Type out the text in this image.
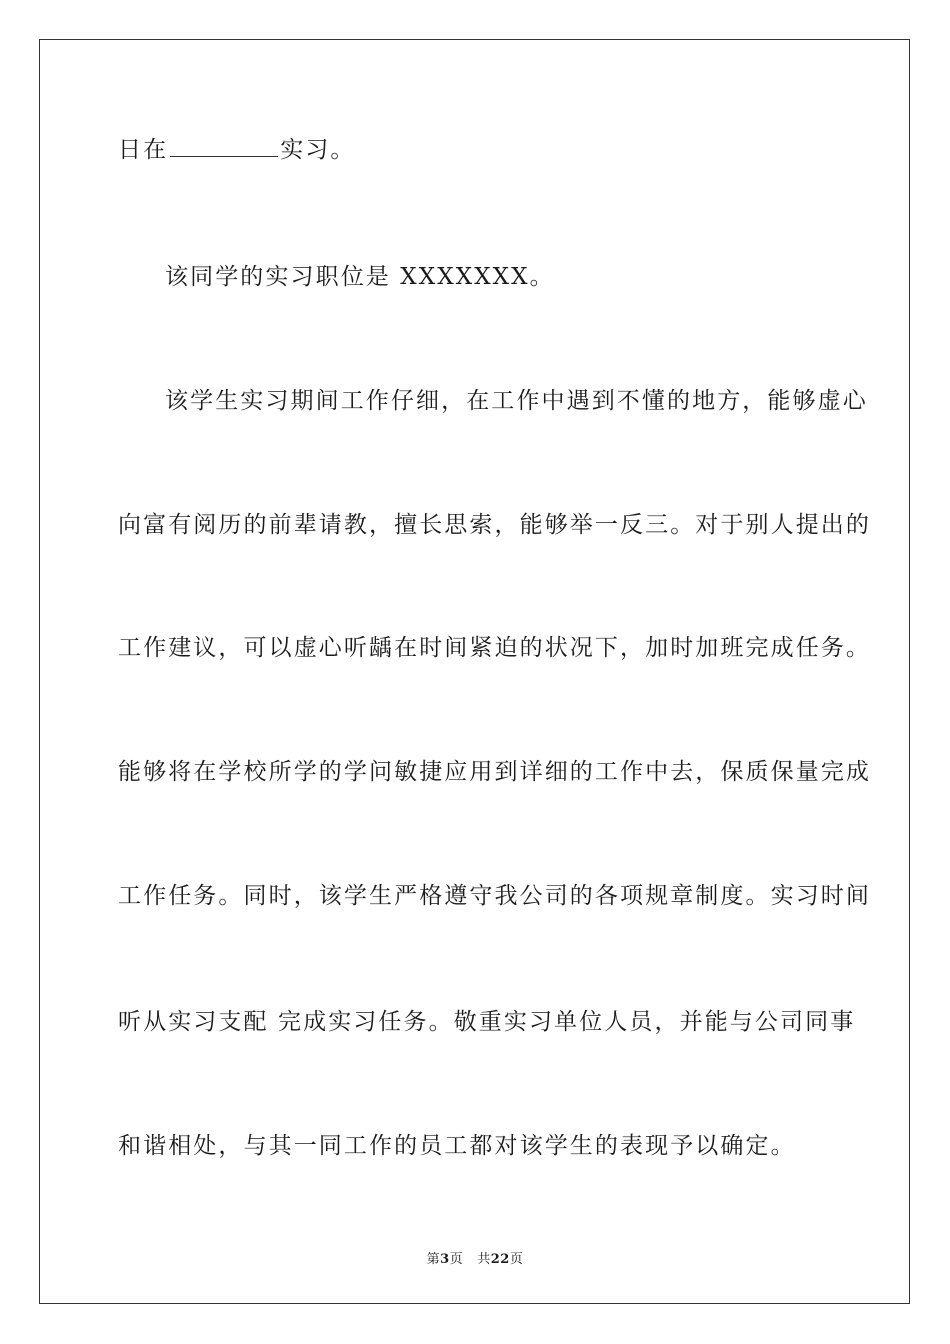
日在	实习。
该同学的实习职位是 XXXXXXX。
该学生实习期间工作仔细，在工作中遇到不懂的地方，能够虚心
向富有阅历的前辈请教，擅长思索，能够举一反三。对于别人提出的
工作建议，可以虚心听龋在时间紧迫的状况下，加时加班完成任务。
能够将在学校所学的学问敏捷应用到详细的工作中去，保质保量完成
工作任务。同时，该学生严格遵守我公司的各项规章制度。实习时间
听从实习支配 完成实习任务。敬重实习单位人员，并能与公司同事
和谐相处，与其一同工作的员工都对该学生的表现予以确定。
第3页 共22页
